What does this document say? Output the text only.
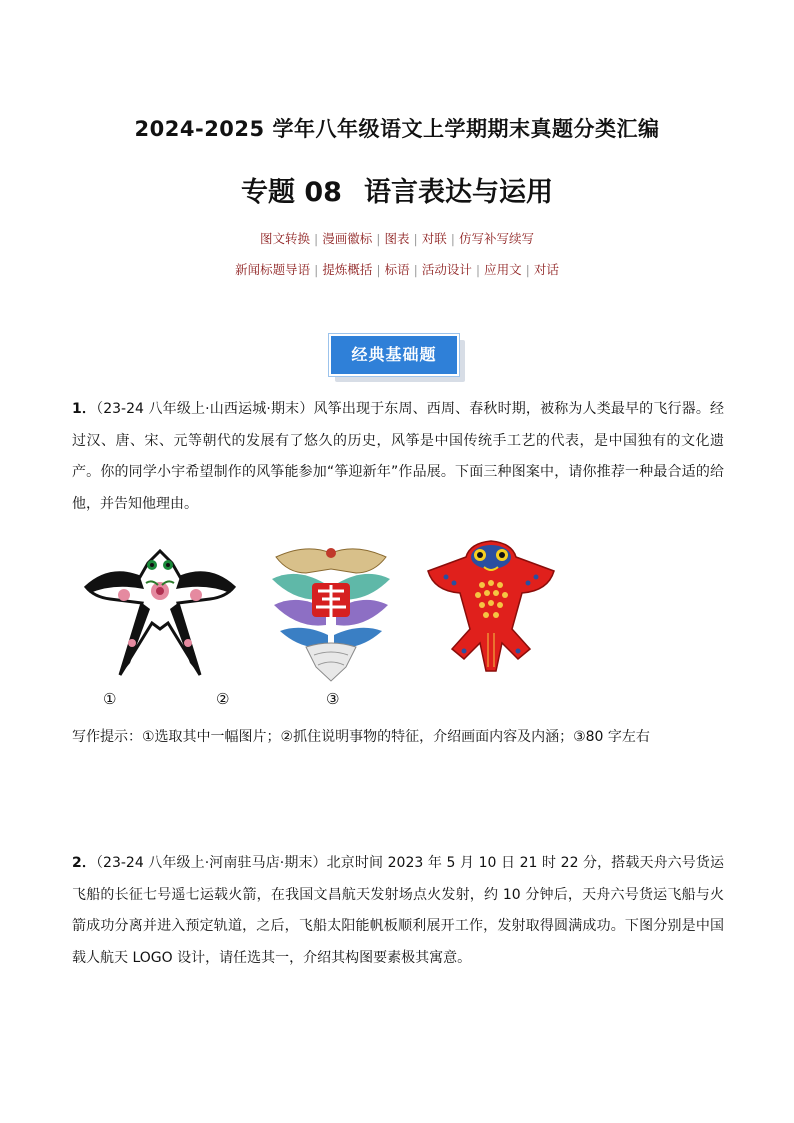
2024-2025 学年八年级语文上学期期末真题分类汇编
专题 08 语言表达与运用
图文转换 | 漫画徽标 | 图表 | 对联 | 仿写补写续写
新闻标题导语 | 提炼概括 | 标语 | 活动设计 | 应用文 | 对话
经典基础题
1．（23-24 八年级上·山西运城·期末）风筝出现于东周、西周、春秋时期，被称为人类最早的飞行器。经过汉、唐、宋、元等朝代的发展有了悠久的历史，风筝是中国传统手工艺的代表，是中国独有的文化遗产。你的同学小宇希望制作的风筝能参加“筝迎新年”作品展。下面三种图案中，请你推荐一种最合适的给他，并告知他理由。
①	②	③
写作提示：①选取其中一幅图片；②抓住说明事物的特征，介绍画面内容及内涵；③80 字左右
2．（23-24 八年级上·河南驻马店·期末）北京时间 2023 年 5 月 10 日 21 时 22 分，搭载天舟六号货运飞船的长征七号遥七运载火箭，在我国文昌航天发射场点火发射，约 10 分钟后，天舟六号货运飞船与火箭成功分离并进入预定轨道，之后，飞船太阳能帆板顺利展开工作，发射取得圆满成功。下图分别是中国载人航天 LOGO 设计，请任选其一，介绍其构图要素极其寓意。
